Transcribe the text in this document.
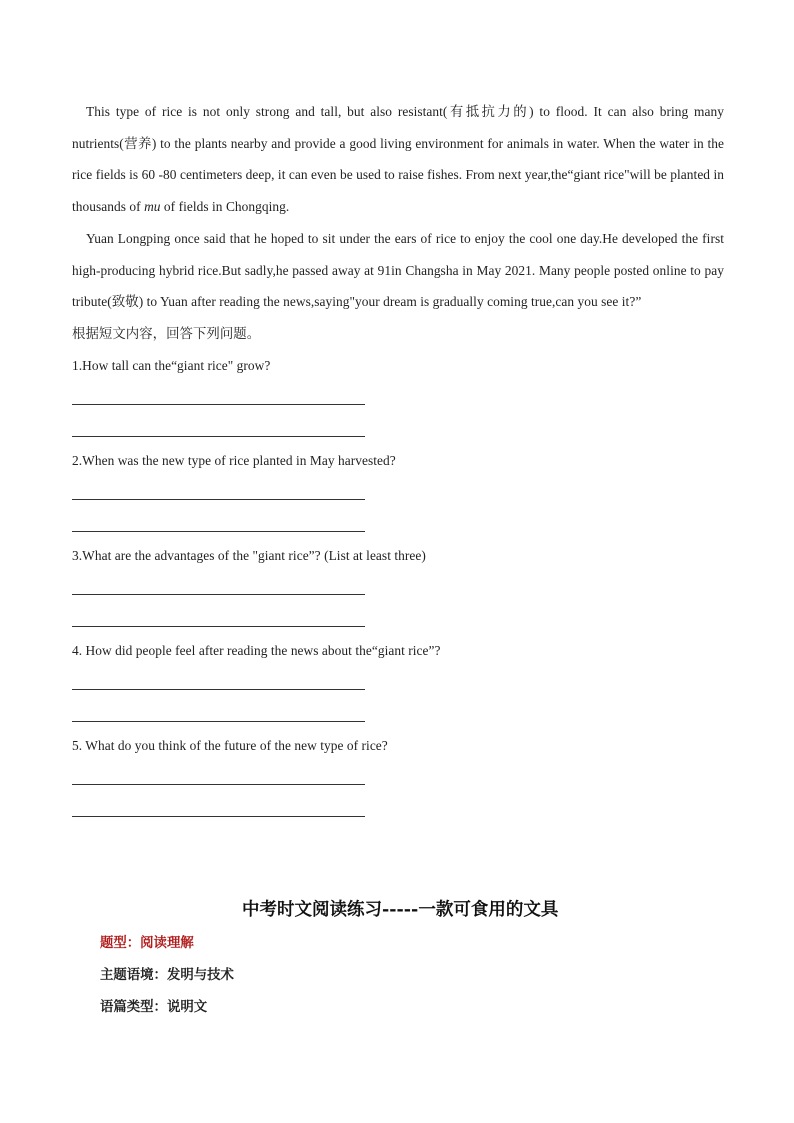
This type of rice is not only strong and tall, but also resistant(有抵抗力的) to flood. It can also bring many nutrients(营养) to the plants nearby and provide a good living environment for animals in water. When the water in the rice fields is 60 -80 centimeters deep, it can even be used to raise fishes. From next year,the“giant rice"will be planted in thousands of mu of fields in Chongqing.

Yuan Longping once said that he hoped to sit under the ears of rice to enjoy the cool one day.He developed the first high-producing hybrid rice.But sadly,he passed away at 91in Changsha in May 2021. Many people posted online to pay tribute(致敬) to Yuan after reading the news,saying"your dream is gradually coming true,can you see it?”

根据短文内容，回答下列问题。

1.How tall can the“giant rice" grow?

2.When was the new type of rice planted in May harvested?

3.What are the advantages of the "giant rice”? (List at least three)

4. How did people feel after reading the news about the“giant rice”?

5. What do you think of the future of the new type of rice?

中考时文阅读练习-----一款可食用的文具

题型：阅读理解

主题语境：发明与技术

语篇类型：说明文
